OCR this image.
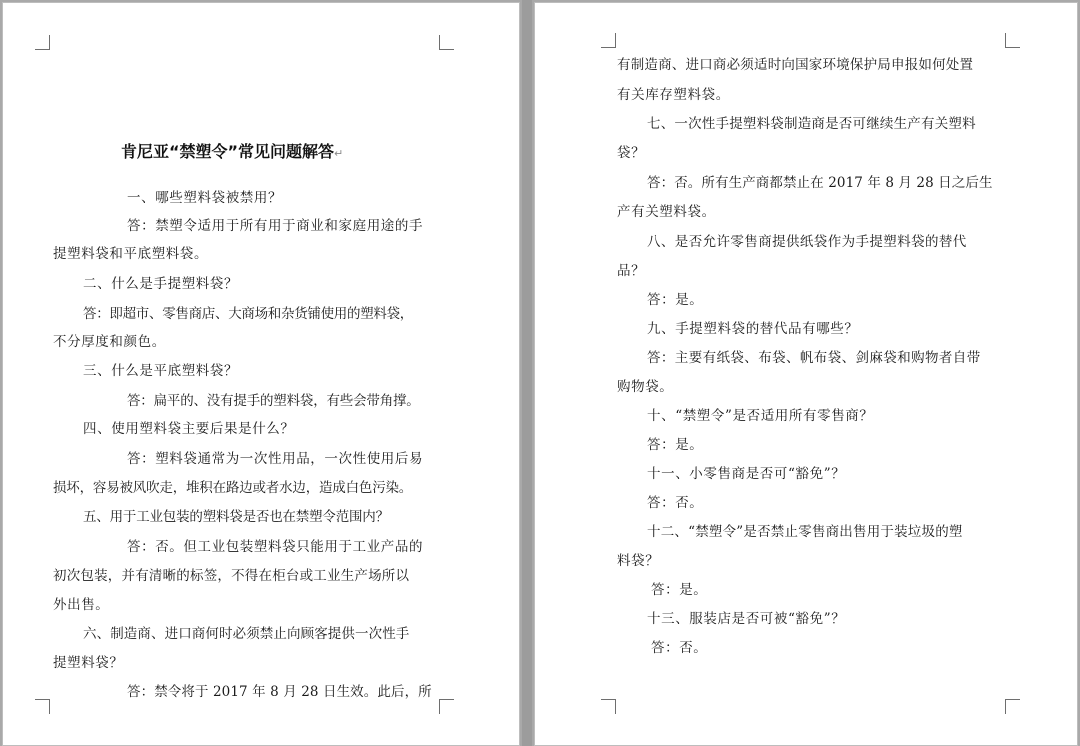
肯尼亚“禁塑令”常见问题解答↵
一、哪些塑料袋被禁用？
答：禁塑令适用于所有用于商业和家庭用途的手
提塑料袋和平底塑料袋。
二、什么是手提塑料袋？
答：即超市、零售商店、大商场和杂货铺使用的塑料袋，
不分厚度和颜色。
三、什么是平底塑料袋？
答：扁平的、没有提手的塑料袋，有些会带角撑。
四、使用塑料袋主要后果是什么？
答：塑料袋通常为一次性用品，一次性使用后易
损坏，容易被风吹走，堆积在路边或者水边，造成白色污染。
五、用于工业包装的塑料袋是否也在禁塑令范围内？
答：否。但工业包装塑料袋只能用于工业产品的
初次包装，并有清晰的标签，不得在柜台或工业生产场所以
外出售。
六、制造商、进口商何时必须禁止向顾客提供一次性手
提塑料袋？
答：禁令将于 2017 年 8 月 28 日生效。此后，所
有制造商、进口商必须适时向国家环境保护局申报如何处置
有关库存塑料袋。
七、一次性手提塑料袋制造商是否可继续生产有关塑料
袋？
答：否。所有生产商都禁止在 2017 年 8 月 28 日之后生
产有关塑料袋。
八、是否允许零售商提供纸袋作为手提塑料袋的替代
品？
答：是。
九、手提塑料袋的替代品有哪些？
答：主要有纸袋、布袋、帆布袋、剑麻袋和购物者自带
购物袋。
十、“禁塑令”是否适用所有零售商？
答：是。
十一、小零售商是否可“豁免”？
答：否。
十二、“禁塑令”是否禁止零售商出售用于装垃圾的塑
料袋？
答：是。
十三、服装店是否可被“豁免”？
答：否。
